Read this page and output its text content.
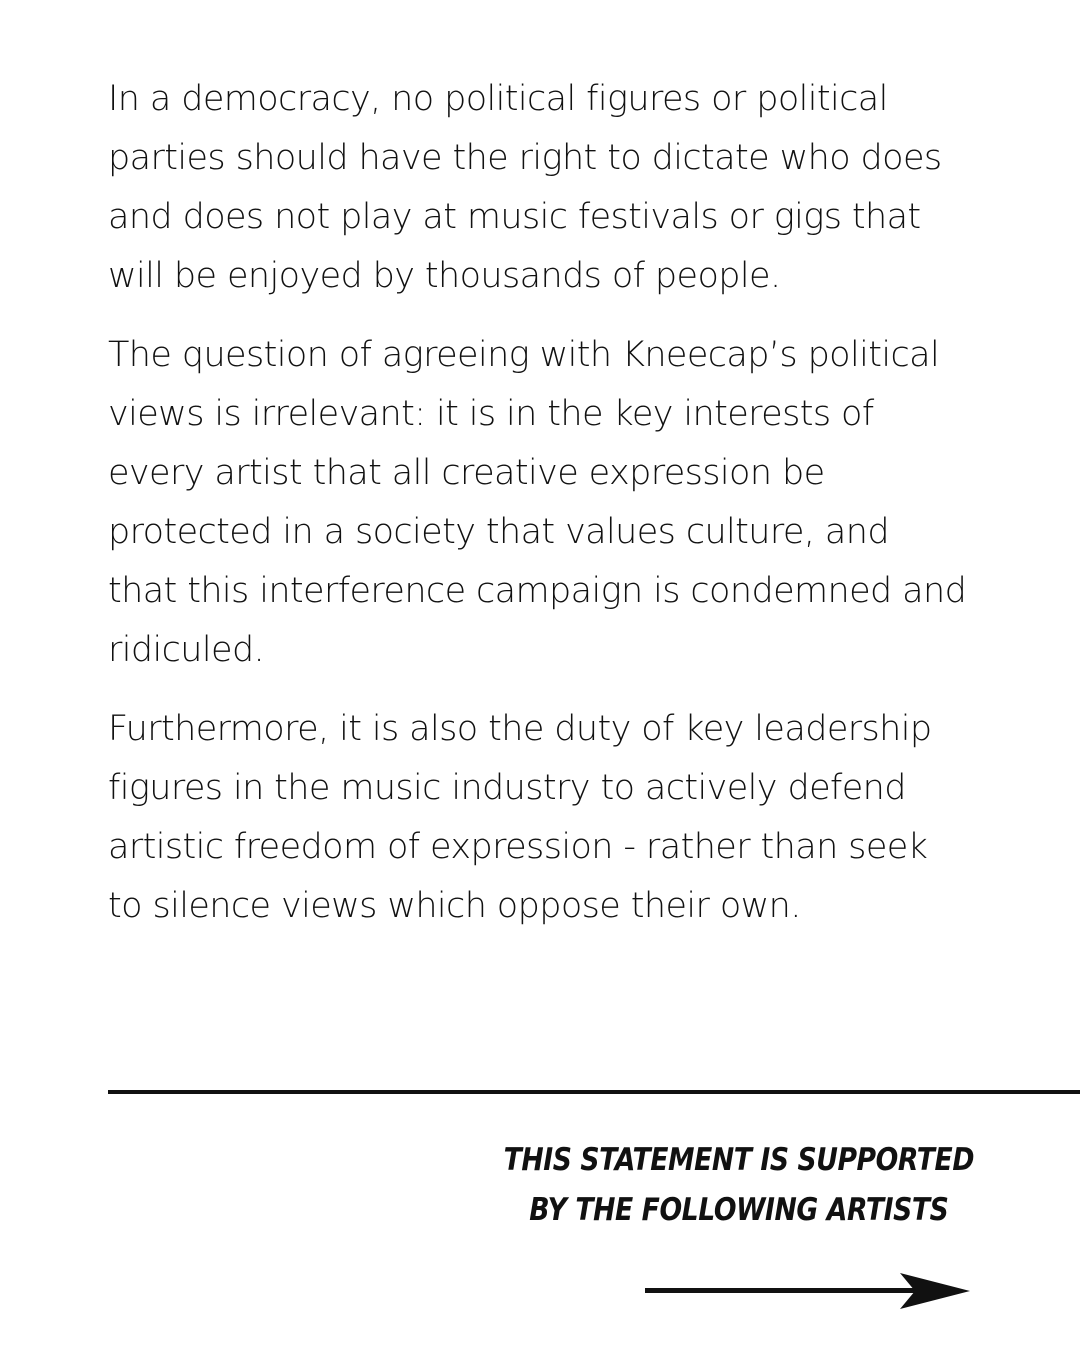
In a democracy, no political figures or political parties should have the right to dictate who does and does not play at music festivals or gigs that will be enjoyed by thousands of people.

The question of agreeing with Kneecap’s political views is irrelevant: it is in the key interests of every artist that all creative expression be protected in a society that values culture, and that this interference campaign is condemned and ridiculed.

Furthermore, it is also the duty of key leadership figures in the music industry to actively defend artistic freedom of expression - rather than seek to silence views which oppose their own.

THIS STATEMENT IS SUPPORTED
BY THE FOLLOWING ARTISTS
